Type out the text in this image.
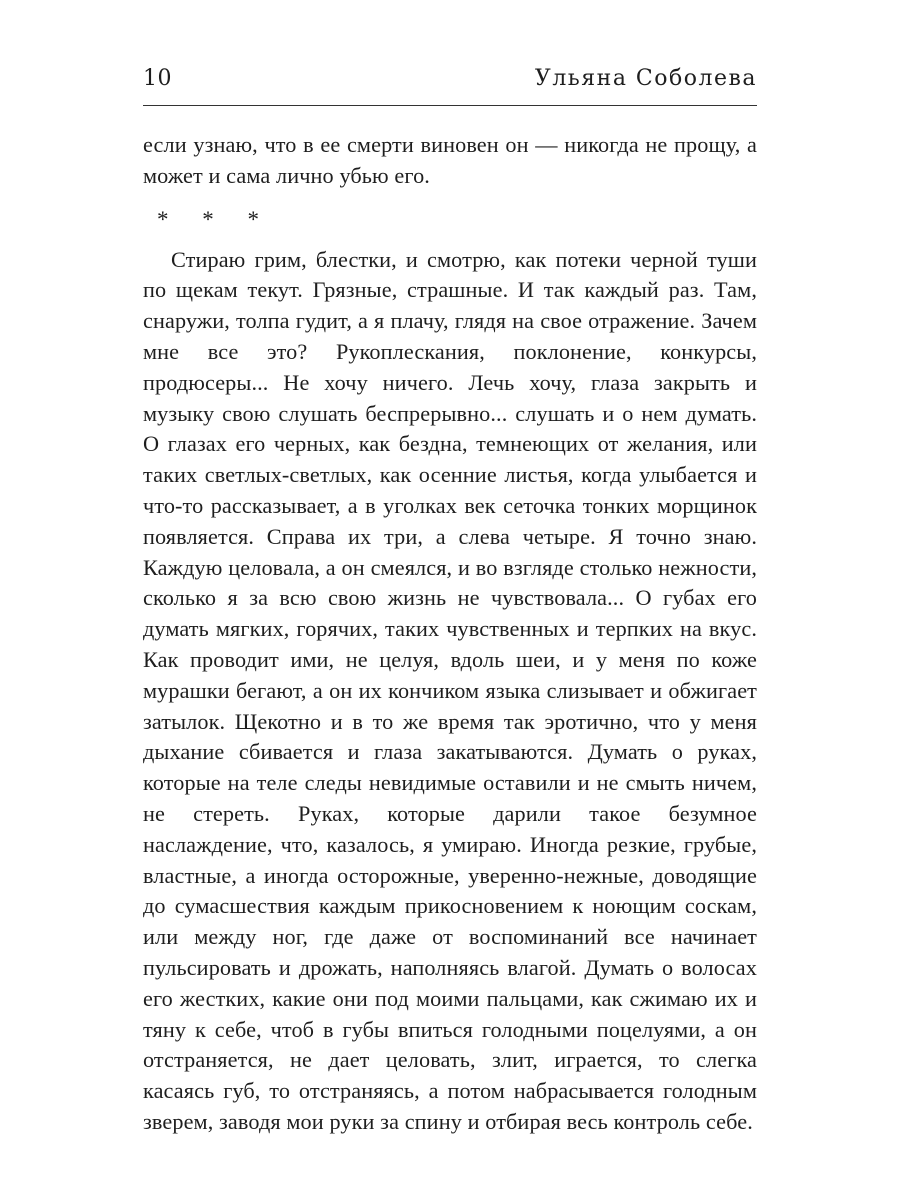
10	Ульяна Соболева

если узнаю, что в ее смерти виновен он — никогда не прощу, а может и сама лично убью его.

* * *

Стираю грим, блестки, и смотрю, как потеки черной туши по щекам текут. Грязные, страшные. И так каждый раз. Там, снаружи, толпа гудит, а я плачу, глядя на свое отражение. Зачем мне все это? Рукоплескания, поклонение, конкурсы, продюсеры... Не хочу ничего. Лечь хочу, глаза закрыть и музыку свою слушать беспрерывно... слушать и о нем думать. О глазах его черных, как бездна, темнеющих от желания, или таких светлых-светлых, как осенние листья, когда улыбается и что-то рассказывает, а в уголках век сеточка тонких морщинок появляется. Справа их три, а слева четыре. Я точно знаю. Каждую целовала, а он смеялся, и во взгляде столько нежности, сколько я за всю свою жизнь не чувствовала... О губах его думать мягких, горячих, таких чувственных и терпких на вкус. Как проводит ими, не целуя, вдоль шеи, и у меня по коже мурашки бегают, а он их кончиком языка слизывает и обжигает затылок. Щекотно и в то же время так эротично, что у меня дыхание сбивается и глаза закатываются. Думать о руках, которые на теле следы невидимые оставили и не смыть ничем, не стереть. Руках, которые дарили такое безумное наслаждение, что, казалось, я умираю. Иногда резкие, грубые, властные, а иногда осторожные, уверенно-нежные, доводящие до сумасшествия каждым прикосновением к ноющим соскам, или между ног, где даже от воспоминаний все начинает пульсировать и дрожать, наполняясь влагой. Думать о волосах его жестких, какие они под моими пальцами, как сжимаю их и тяну к себе, чтоб в губы впиться голодными поцелуями, а он отстраняется, не дает целовать, злит, играется, то слегка касаясь губ, то отстраняясь, а потом набрасывается голодным зверем, заводя мои руки за спину и отбирая весь контроль себе.
